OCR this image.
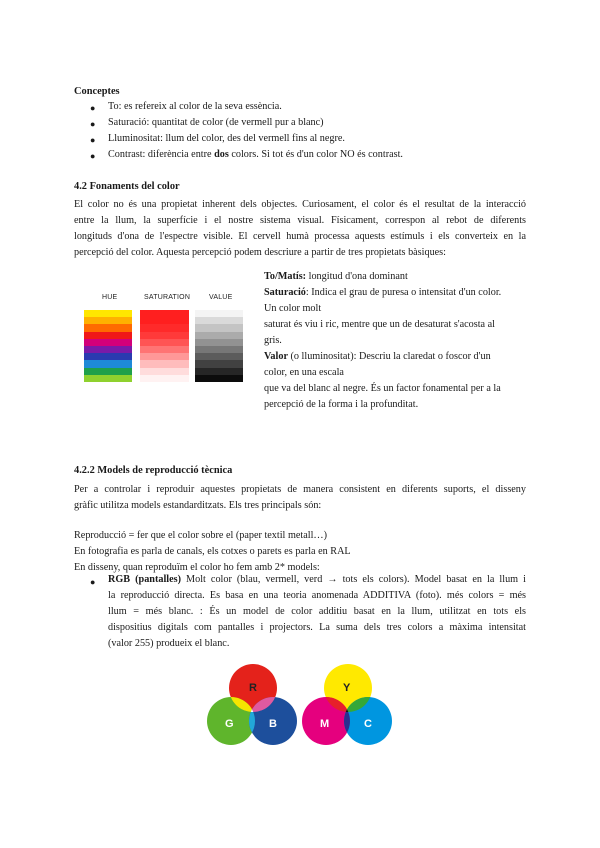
Conceptes
● To: es refereix al color de la seva essència.
● Saturació: quantitat de color (de vermell pur a blanc)
● Lluminositat: llum del color, des del vermell fins al negre.
● Contrast: diferència entre dos colors. Si tot és d'un color NO és contrast.
4.2 Fonaments del color
El color no és una propietat inherent dels objectes. Curiosament, el color és el resultat de la interacció
entre la llum, la superfície i el nostre sistema visual. Físicament, correspon al rebot de diferents
longituds d'ona de l'espectre visible. El cervell humà processa aquests estímuls i els converteix en la
percepció del color. Aquesta percepció podem descriure a partir de tres propietats bàsiques:
HUE	SATURATION	VALUE
To/Matís: longitud d'ona dominant
Saturació: Indica el grau de puresa o intensitat d'un color.
Un color molt
saturat és viu i ric, mentre que un de desaturat s'acosta al
gris.
Valor (o lluminositat): Descriu la claredat o foscor d'un
color, en una escala
que va del blanc al negre. És un factor fonamental per a la
percepció de la forma i la profunditat.
4.2.2 Models de reproducció tècnica
Per a controlar i reproduir aquestes propietats de manera consistent en diferents suports, el disseny
gràfic utilitza models estandarditzats. Els tres principals són:
Reproducció = fer que el color sobre el (paper textil metall…)
En fotografia es parla de canals, els cotxes o parets es parla en RAL
En disseny, quan reproduïm el color ho fem amb 2* models:
● RGB (pantalles) Molt color (blau, vermell, verd → tots els colors). Model basat en la llum i
la reproducció directa. Es basa en una teoria anomenada ADDITIVA (foto). més colors = més
llum = més blanc. : És un model de color additiu basat en la llum, utilitzat en tots els
dispositius digitals com pantalles i projectors. La suma dels tres colors a màxima intensitat
(valor 255) produeix el blanc.
R
G	B
Y
M	C
